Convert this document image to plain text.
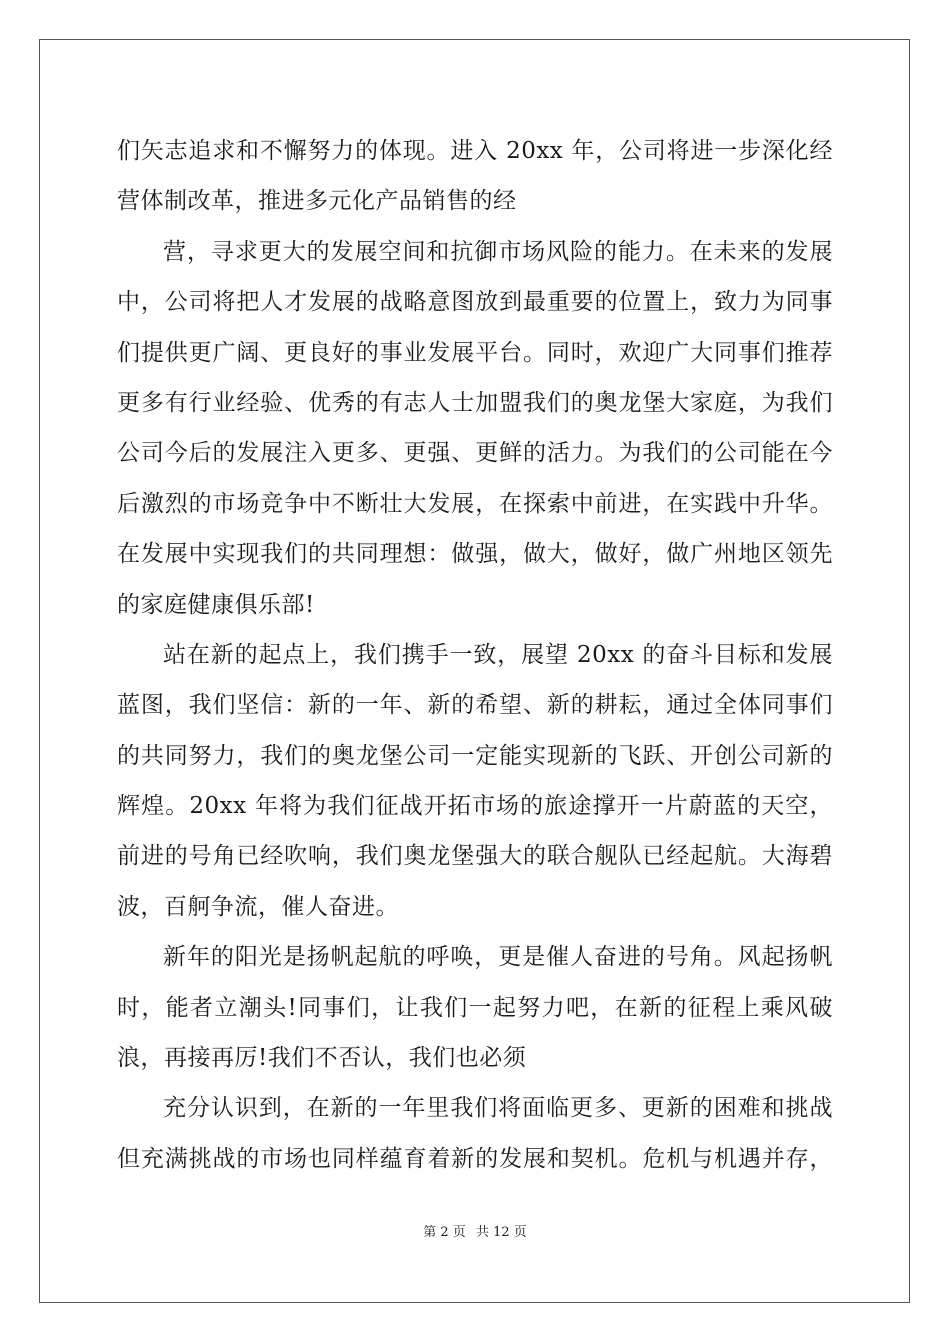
们矢志追求和不懈努力的体现。进入 20xx 年，公司将进一步深化经
营体制改革，推进多元化产品销售的经
营，寻求更大的发展空间和抗御市场风险的能力。在未来的发展
中，公司将把人才发展的战略意图放到最重要的位置上，致力为同事
们提供更广阔、更良好的事业发展平台。同时，欢迎广大同事们推荐
更多有行业经验、优秀的有志人士加盟我们的奥龙堡大家庭，为我们
公司今后的发展注入更多、更强、更鲜的活力。为我们的公司能在今
后激烈的市场竞争中不断壮大发展，在探索中前进，在实践中升华。
在发展中实现我们的共同理想：做强，做大，做好，做广州地区领先
的家庭健康俱乐部!
站在新的起点上，我们携手一致，展望 20xx 的奋斗目标和发展
蓝图，我们坚信：新的一年、新的希望、新的耕耘，通过全体同事们
的共同努力，我们的奥龙堡公司一定能实现新的飞跃、开创公司新的
辉煌。20xx 年将为我们征战开拓市场的旅途撑开一片蔚蓝的天空，
前进的号角已经吹响，我们奥龙堡强大的联合舰队已经起航。大海碧
波，百舸争流，催人奋进。
新年的阳光是扬帆起航的呼唤，更是催人奋进的号角。风起扬帆
时，能者立潮头!同事们，让我们一起努力吧，在新的征程上乘风破
浪，再接再厉!我们不否认，我们也必须
充分认识到，在新的一年里我们将面临更多、更新的困难和挑战
但充满挑战的市场也同样蕴育着新的发展和契机。危机与机遇并存，
第 2 页 共 12 页
